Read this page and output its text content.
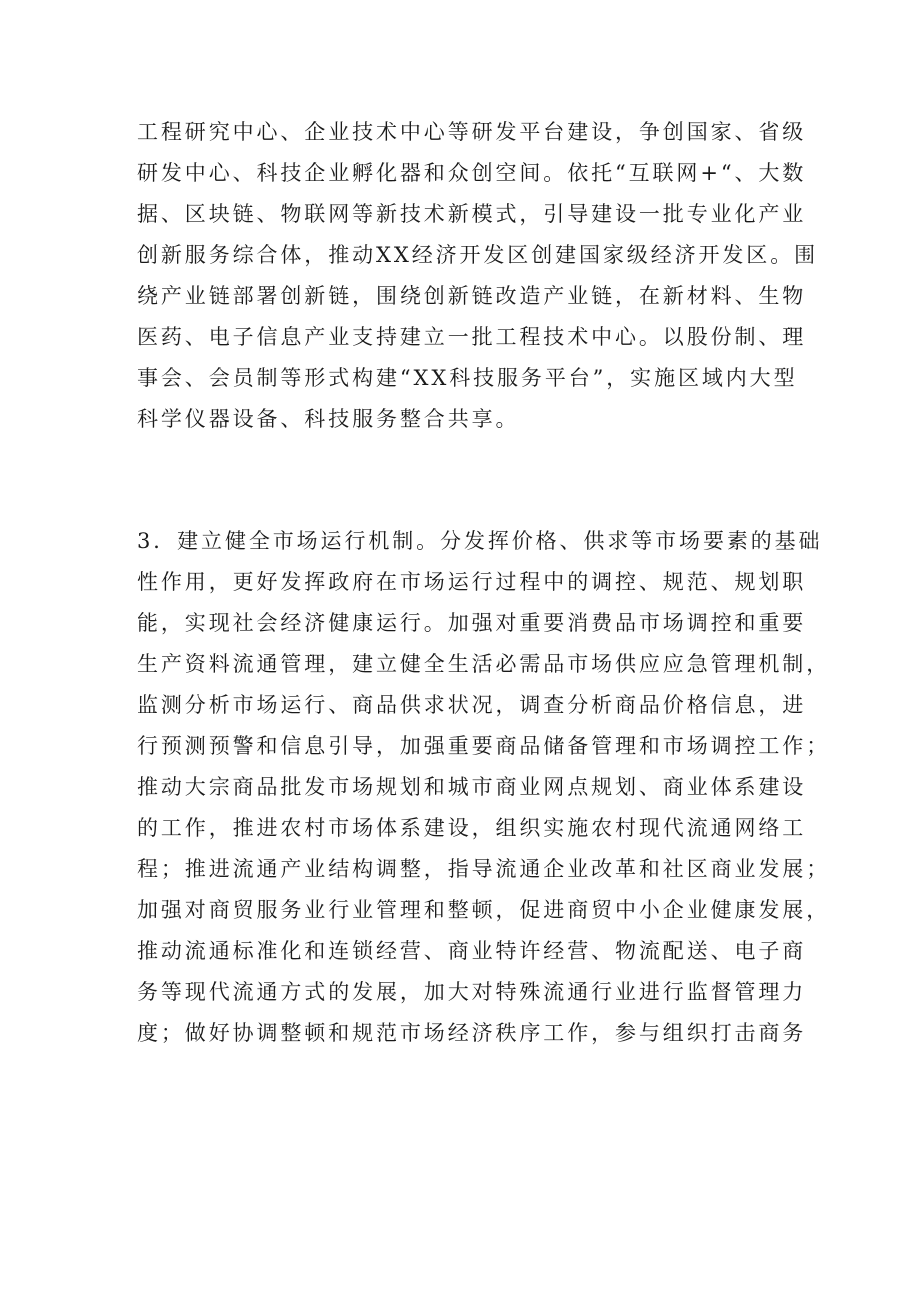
工程研究中心、企业技术中心等研发平台建设，争创国家、省级
研发中心、科技企业孵化器和众创空间。依托“互联网+“、大数
据、区块链、物联网等新技术新模式，引导建设一批专业化产业
创新服务综合体，推动XX经济开发区创建国家级经济开发区。围
绕产业链部署创新链，围绕创新链改造产业链，在新材料、生物
医药、电子信息产业支持建立一批工程技术中心。以股份制、理
事会、会员制等形式构建“XX科技服务平台”，实施区域内大型
科学仪器设备、科技服务整合共享。
3．建立健全市场运行机制。分发挥价格、供求等市场要素的基础
性作用，更好发挥政府在市场运行过程中的调控、规范、规划职
能，实现社会经济健康运行。加强对重要消费品市场调控和重要
生产资料流通管理，建立健全生活必需品市场供应应急管理机制，
监测分析市场运行、商品供求状况，调查分析商品价格信息，进
行预测预警和信息引导，加强重要商品储备管理和市场调控工作；
推动大宗商品批发市场规划和城市商业网点规划、商业体系建设
的工作，推进农村市场体系建设，组织实施农村现代流通网络工
程；推进流通产业结构调整，指导流通企业改革和社区商业发展；
加强对商贸服务业行业管理和整顿，促进商贸中小企业健康发展，
推动流通标准化和连锁经营、商业特许经营、物流配送、电子商
务等现代流通方式的发展，加大对特殊流通行业进行监督管理力
度；做好协调整顿和规范市场经济秩序工作，参与组织打击商务
